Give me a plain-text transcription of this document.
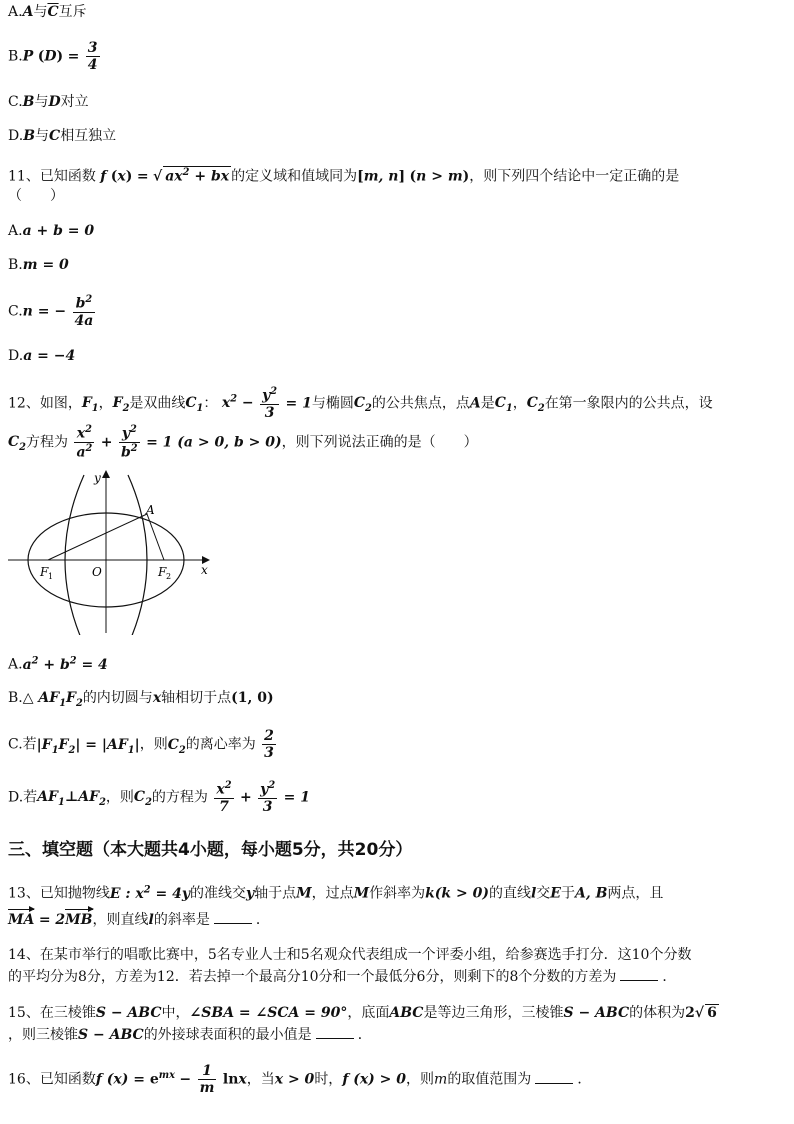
A.A与$\overline{C}$互斥
B.P $(D) = \frac{3}{4}$
C.B与D对立
D.B与C相互独立
11、已知函数 f (x) = √ $ax^2$ + bx 的定义域和值域同为[m, n] (n > m)，则下列四个结论中一定正确的是
（　　）
A.a + b = 0
B.m = 0
C.n = − $\frac{b^2}{4a}$
D.a = −4
12、如图，$F_1$，$F_2$是双曲线$C_1$： $x^2 - \frac{y^2}{3} = 1$与椭圆$C_2$的公共焦点，点A是$C_1$，$C_2$在第一象限内的公共点，设
$C_2$方程为 $\frac{x^2}{a^2} + \frac{y^2}{b^2} = 1$ (a > 0, b > 0)，则下列说法正确的是（　　）
y
x
O
A
F 1	F 2
$A.a^2 + b^2 = 4$
B.△ $AF_1F_2$的内切圆与x轴相切于点(1, 0)
C.若$|F_1F_2| = |AF_1|$，则$C_2$的离心率为 $\frac{2}{3}$
D.若$AF_1\perp AF_2$，则$C_2$的方程为 $\frac{x^2}{7} + \frac{y^2}{3} = 1$
三、填空题（本大题共4小题，每小题5分，共20分）
13、已知抛物线E : $x^2 = 4y$的准线交y轴于点M，过点M作斜率为k(k > 0)的直线l交E于A, B两点，且
MA = 2MB，则直线l的斜率是	．
14、在某市举行的唱歌比赛中，5名专业人士和5名观众代表组成一个评委小组，给参赛选手打分．这10个分数
的平均分为8分，方差为12．若去掉一个最高分10分和一个最低分6分，则剩下的8个分数的方差为	．
15、在三棱锥S − ABC中，∠SBA = ∠SCA = 90°，底面ABC是等边三角形，三棱锥S − ABC的体积为2√ 6
，则三棱锥S − ABC的外接球表面积的最小值是	．
16、已知函数f $(x) = e^{mx} - \frac{1}{m}$ lnx，当x > 0时，f (x) > 0，则m的取值范围为	．
